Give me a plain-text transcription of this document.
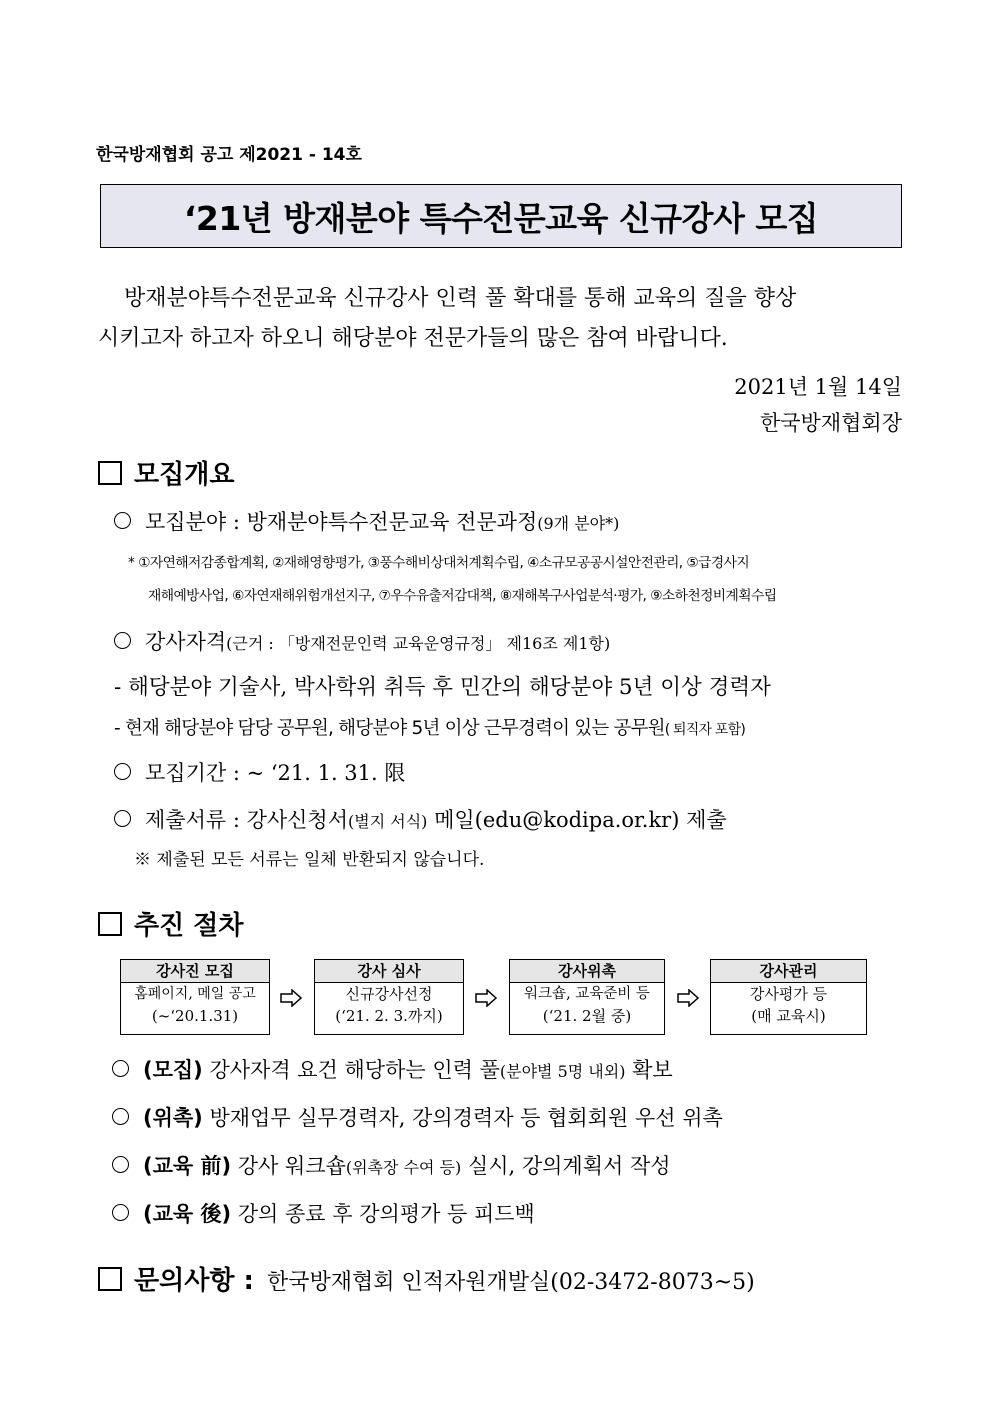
한국방재협회 공고 제2021 - 14호
‘21년 방재분야 특수전문교육 신규강사 모집
방재분야특수전문교육 신규강사 인력 풀 확대를 통해 교육의 질을 향상
시키고자 하고자 하오니 해당분야 전문가들의 많은 참여 바랍니다.
2021년 1월 14일
한국방재협회장
모집개요
모집분야 : 방재분야특수전문교육 전문과정(9개 분야*)
* ①자연해저감종합계획, ②재해영향평가, ③풍수해비상대처계획수립, ④소규모공공시설안전관리, ⑤급경사지
재해예방사업, ⑥자연재해위험개선지구, ⑦우수유출저감대책, ⑧재해복구사업분석·평가, ⑨소하천정비계획수립
강사자격(근거 : 「방재전문인력 교육운영규정」 제16조 제1항)
- 해당분야 기술사, 박사학위 취득 후 민간의 해당분야 5년 이상 경력자
- 현재 해당분야 담당 공무원, 해당분야 5년 이상 근무경력이 있는 공무원( 퇴직자 포함)
모집기간 : ~ ‘21. 1. 31. 限
제출서류 : 강사신청서(별지 서식) 메일(edu@kodipa.or.kr) 제출
※ 제출된 모든 서류는 일체 반환되지 않습니다.
추진 절차
강사진 모집
홈페이지, 메일 공고
(~‘20.1.31)
강사 심사
신규강사선정
(‘21. 2. 3.까지)
강사위촉
워크숍, 교육준비 등
(‘21. 2월 중)
강사관리
강사평가 등
(매 교육시)
(모집) 강사자격 요건 해당하는 인력 풀(분야별 5명 내외) 확보
(위촉) 방재업무 실무경력자, 강의경력자 등 협회회원 우선 위촉
(교육 前) 강사 워크숍(위촉장 수여 등) 실시, 강의계획서 작성
(교육 後) 강의 종료 후 강의평가 등 피드백
문의사항 : 한국방재협회 인적자원개발실(02-3472-8073~5)
